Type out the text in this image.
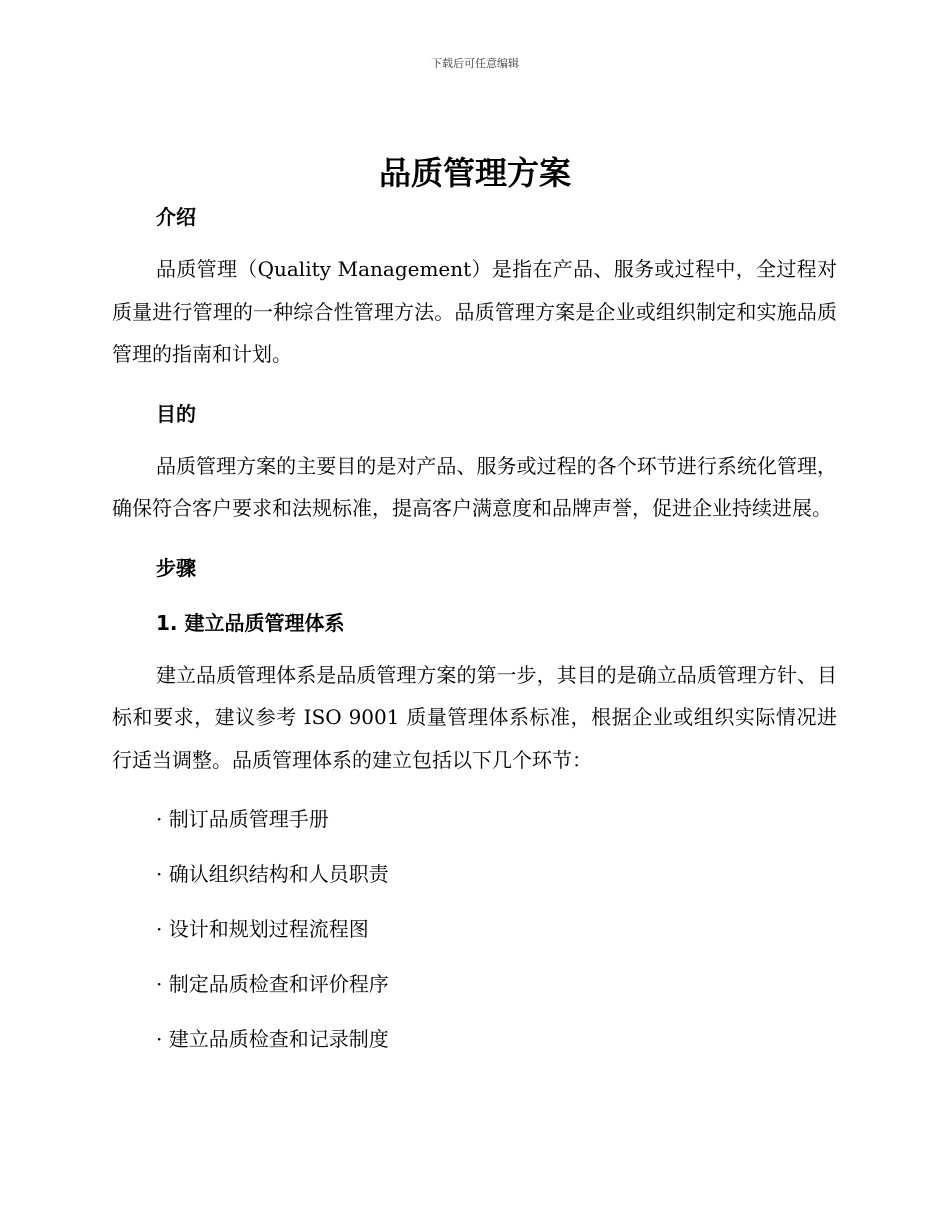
下载后可任意编辑
品质管理方案
介绍

品质管理（Quality Management）是指在产品、服务或过程中，全过程对质量进行管理的一种综合性管理方法。品质管理方案是企业或组织制定和实施品质管理的指南和计划。

目的

品质管理方案的主要目的是对产品、服务或过程的各个环节进行系统化管理，确保符合客户要求和法规标准，提高客户满意度和品牌声誉，促进企业持续进展。

步骤
1. 建立品质管理体系

建立品质管理体系是品质管理方案的第一步，其目的是确立品质管理方针、目标和要求，建议参考 ISO 9001 质量管理体系标准，根据企业或组织实际情况进行适当调整。品质管理体系的建立包括以下几个环节：

· 制订品质管理手册
· 确认组织结构和人员职责
· 设计和规划过程流程图
· 制定品质检查和评价程序
· 建立品质检查和记录制度
